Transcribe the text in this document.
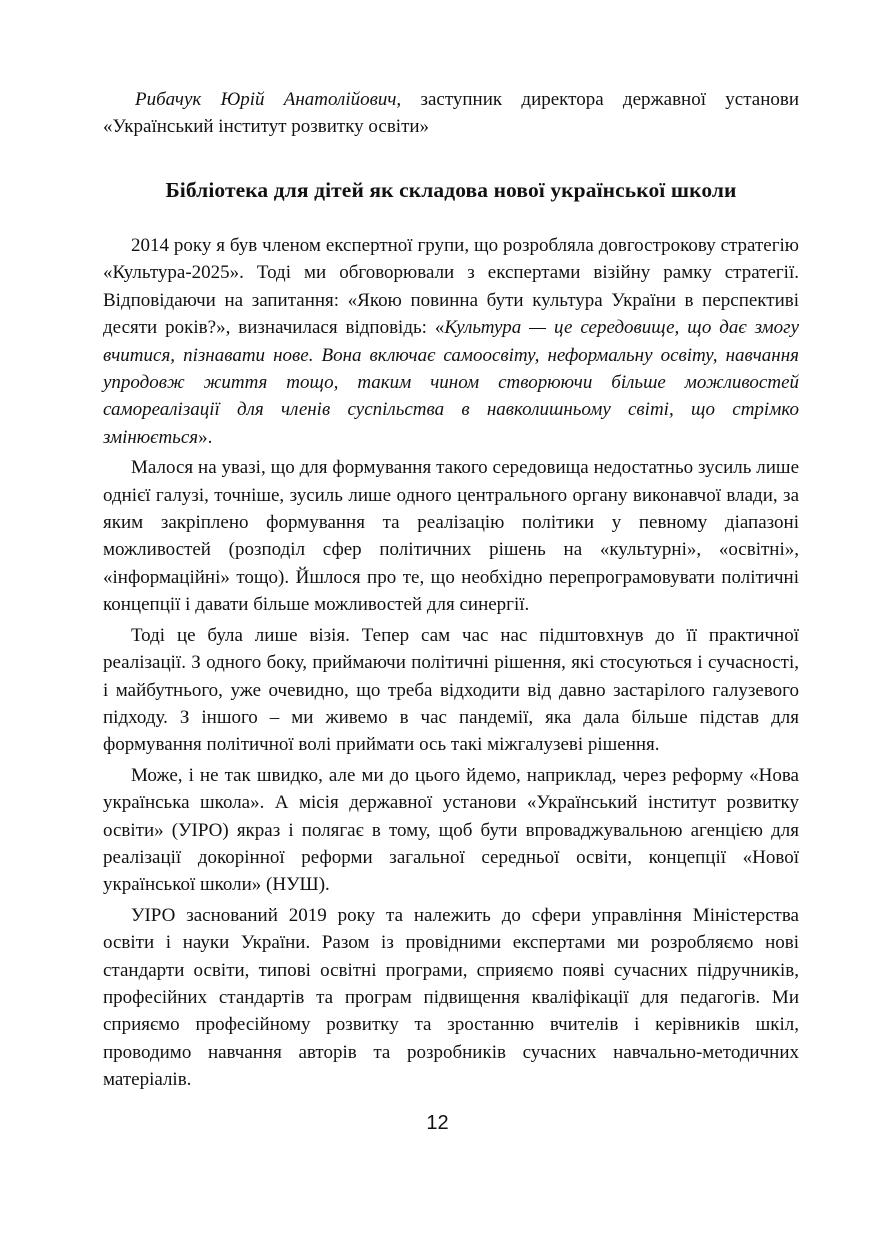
Рибачук Юрій Анатолійович, заступник директора державної установи «Український інститут розвитку освіти»

Бібліотека для дітей як складова нової української школи

2014 року я був членом експертної групи, що розробляла довгострокову стратегію «Культура-2025». Тоді ми обговорювали з експертами візійну рамку стратегії. Відповідаючи на запитання: «Якою повинна бути культура України в перспективі десяти років?», визначилася відповідь: «Культура — це середовище, що дає змогу вчитися, пізнавати нове. Вона включає самоосвіту, неформальну освіту, навчання упродовж життя тощо, таким чином створюючи більше можливостей самореалізації для членів суспільства в навколишньому світі, що стрімко змінюється».

Малося на увазі, що для формування такого середовища недостатньо зусиль лише однієї галузі, точніше, зусиль лише одного центрального органу виконавчої влади, за яким закріплено формування та реалізацію політики у певному діапазоні можливостей (розподіл сфер політичних рішень на «культурні», «освітні», «інформаційні» тощо). Йшлося про те, що необхідно перепрограмовувати політичні концепції і давати більше можливостей для синергії.

Тоді це була лише візія. Тепер сам час нас підштовхнув до її практичної реалізації. З одного боку, приймаючи політичні рішення, які стосуються і сучасності, і майбутнього, уже очевидно, що треба відходити від давно застарілого галузевого підходу. З іншого – ми живемо в час пандемії, яка дала більше підстав для формування політичної волі приймати ось такі міжгалузеві рішення.

Може, і не так швидко, але ми до цього йдемо, наприклад, через реформу «Нова українська школа». А місія державної установи «Український інститут розвитку освіти» (УІРО) якраз і полягає в тому, щоб бути впроваджувальною агенцією для реалізації докорінної реформи загальної середньої освіти, концепції «Нової української школи» (НУШ).

УІРО заснований 2019 року та належить до сфери управління Міністерства освіти і науки України. Разом із провідними експертами ми розробляємо нові стандарти освіти, типові освітні програми, сприяємо появі сучасних підручників, професійних стандартів та програм підвищення кваліфікації для педагогів. Ми сприяємо професійному розвитку та зростанню вчителів і керівників шкіл, проводимо навчання авторів та розробників сучасних навчально-методичних матеріалів.

12
